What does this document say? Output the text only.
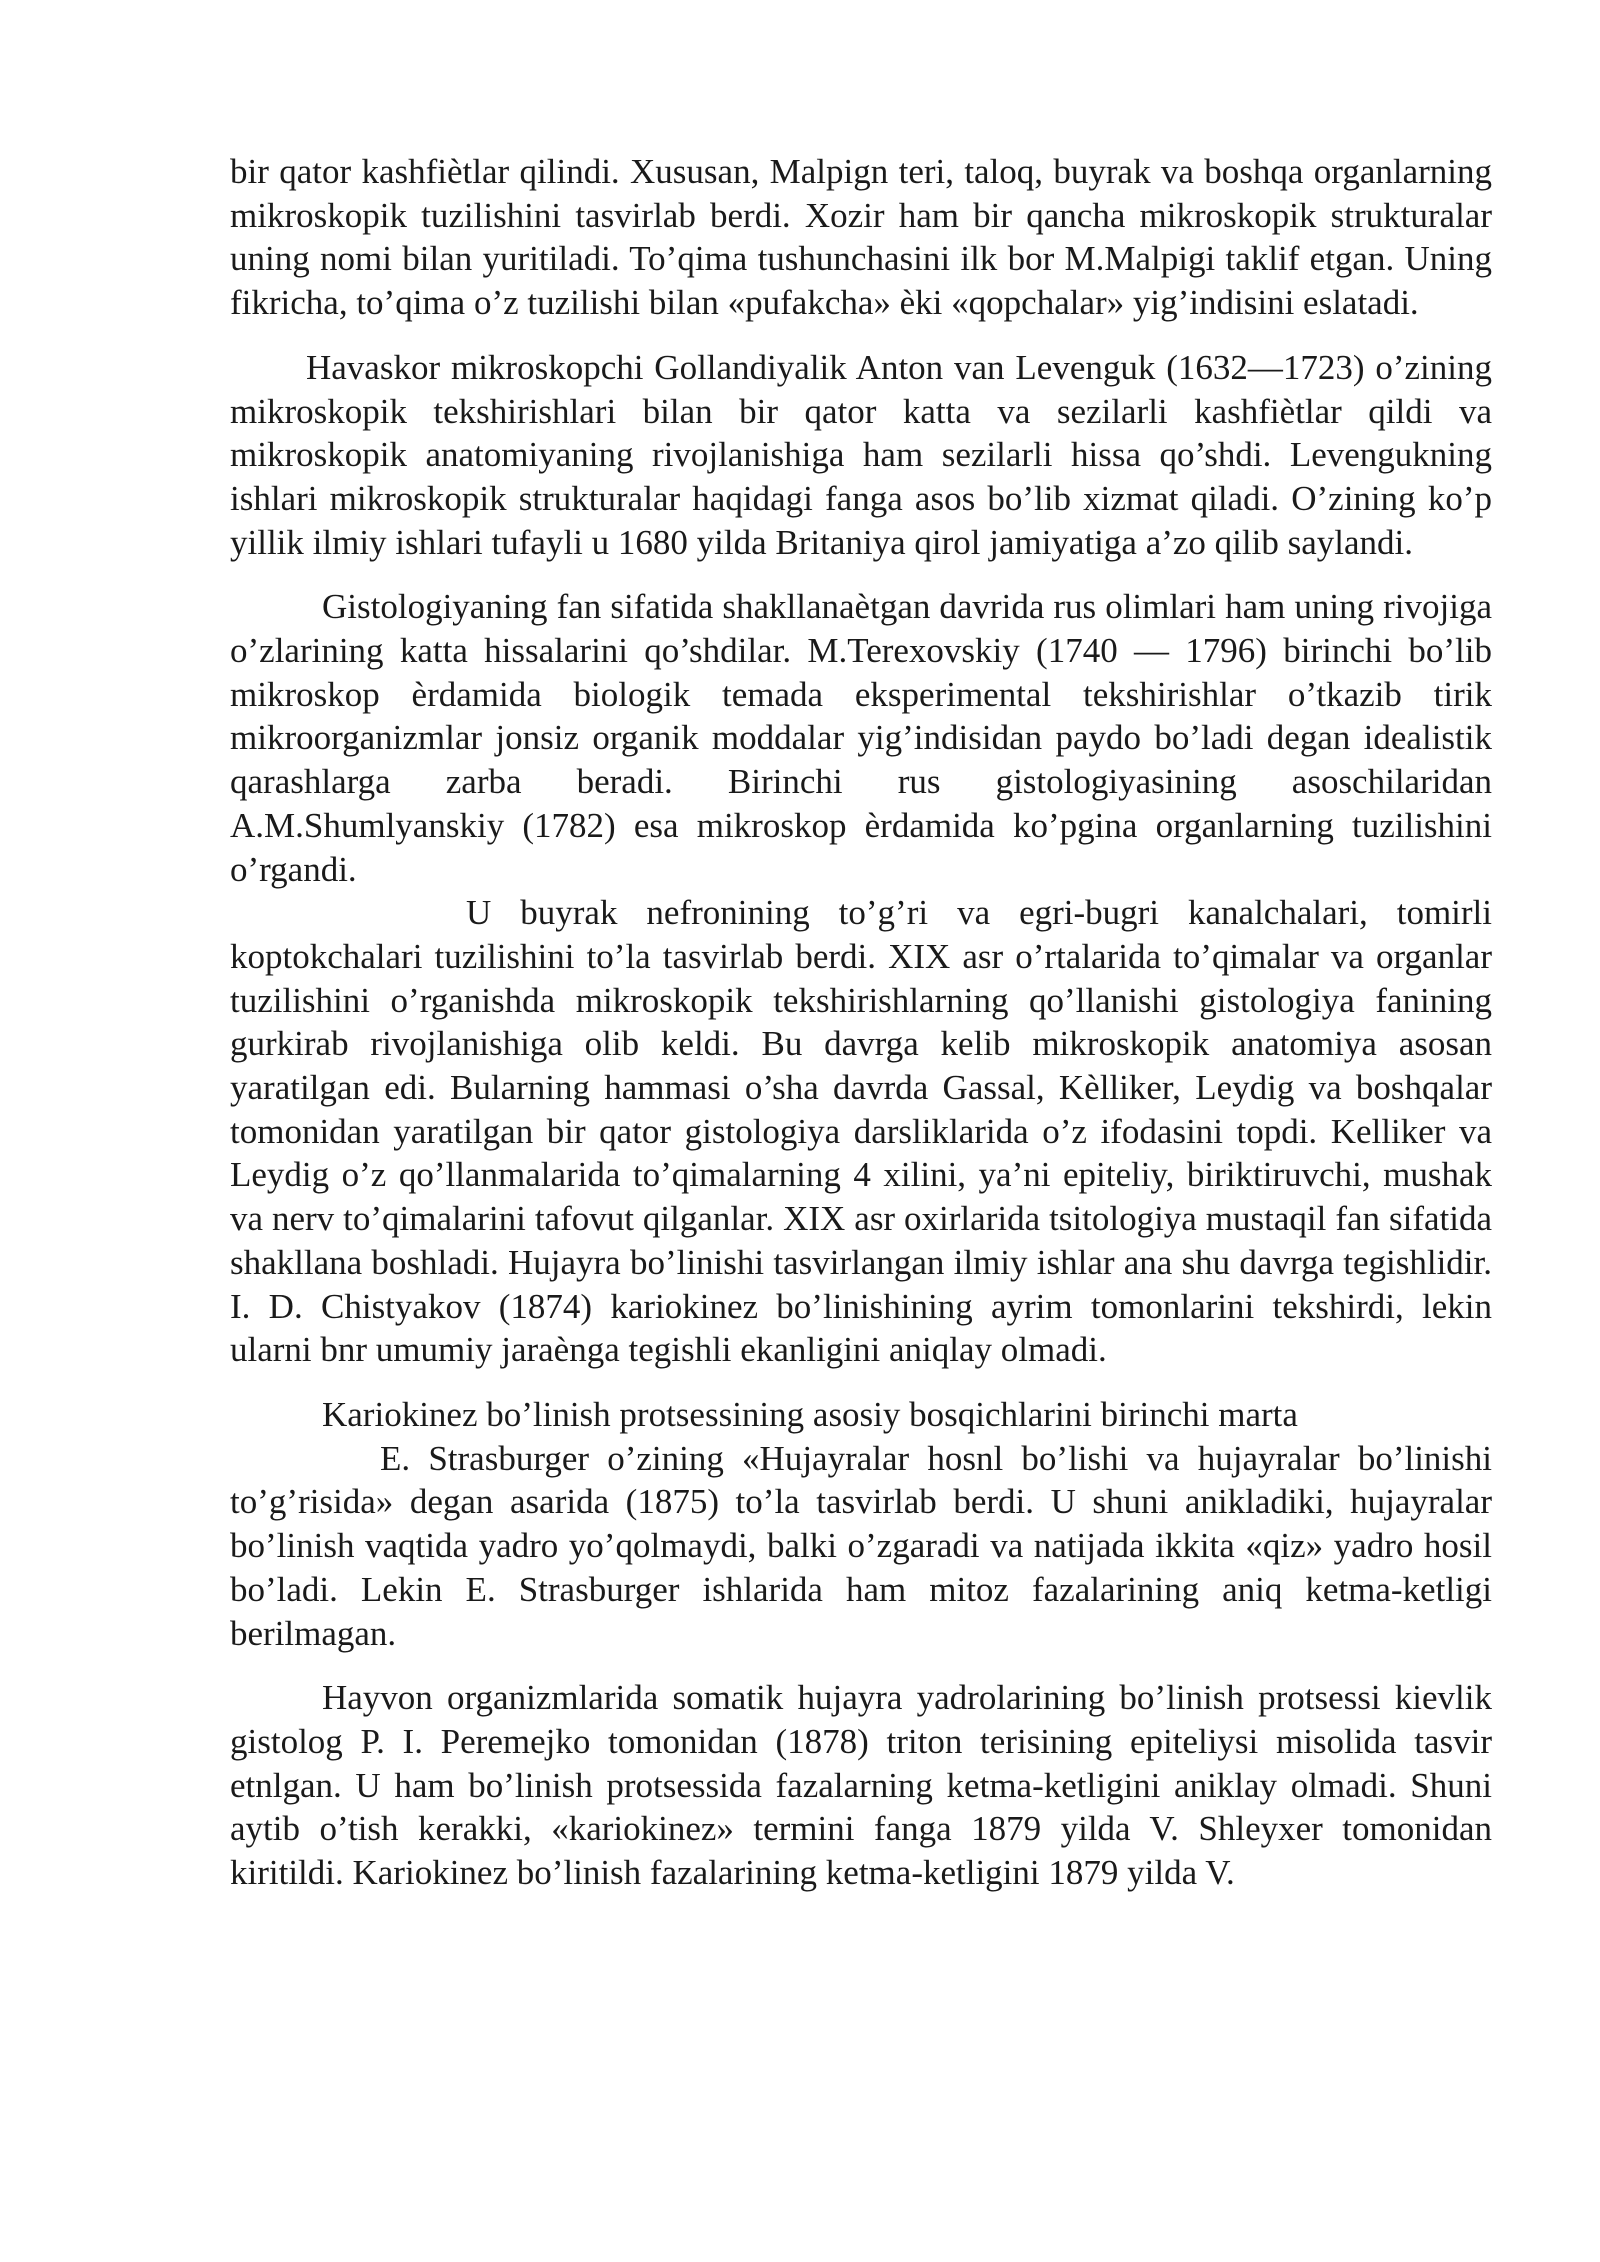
bir qator kashfiètlar qilindi. Xususan, Malpign teri, taloq, buyrak va boshqa organlarning mikroskopik tuzilishini tasvirlab berdi. Xozir ham bir qancha mikroskopik strukturalar uning nomi bilan yuritiladi. To’qima tushunchasini ilk bor M.Malpigi taklif etgan. Uning fikricha, to’qima o’z tuzilishi bilan «pufakcha» èki «qopchalar» yig’indisini eslatadi.

Havaskor mikroskopchi Gollandiyalik Anton van Levenguk (1632—1723) o’zining mikroskopik tekshirishlari bilan bir qator katta va sezilarli kashfiètlar qildi va mikroskopik anatomiyaning rivojlanishiga ham sezilarli hissa qo’shdi. Levengukning ishlari mikroskopik strukturalar haqidagi fanga asos bo’lib xizmat qiladi. O’zining ko’p yillik ilmiy ishlari tufayli u 1680 yilda Britaniya qirol jamiyatiga a’zo qilib saylandi.

Gistologiyaning fan sifatida shakllanaètgan davrida rus olimlari ham uning rivojiga o’zlarining katta hissalarini qo’shdilar. M.Terexovskiy (1740 — 1796) birinchi bo’lib mikroskop èrdamida biologik temada eksperimental tekshirishlar o’tkazib tirik mikroorganizmlar jonsiz organik moddalar yig’indisidan paydo bo’ladi degan idealistik qarashlarga zarba beradi. Birinchi rus gistologiyasining asoschilaridan A.M.Shumlyanskiy (1782) esa mikroskop èrdamida ko’pgina organlarning tuzilishini o’rgandi.

U buyrak nefronining to’g’ri va egri-bugri kanalchalari, tomirli koptokchalari tuzilishini to’la tasvirlab berdi. XIX asr o’rtalarida to’qimalar va organlar tuzilishini o’rganishda mikroskopik tekshirishlarning qo’llanishi gistologiya fanining gurkirab rivojlanishiga olib keldi. Bu davrga kelib mikroskopik anatomiya asosan yaratilgan edi. Bularning hammasi o’sha davrda Gassal, Kèlliker, Leydig va boshqalar tomonidan yaratilgan bir qator gistologiya darsliklarida o’z ifodasini topdi. Kelliker va Leydig o’z qo’llanmalarida to’qimalarning 4 xilini, ya’ni epiteliy, biriktiruvchi, mushak va nerv to’qimalarini tafovut qilganlar. XIX asr oxirlarida tsitologiya mustaqil fan sifatida shakllana boshladi. Hujayra bo’linishi tasvirlangan ilmiy ishlar ana shu davrga tegishlidir. I. D. Chistyakov (1874) kariokinez bo’linishining ayrim tomonlarini tekshirdi, lekin ularni bnr umumiy jaraènga tegishli ekanligini aniqlay olmadi.

Kariokinez bo’linish protsessining asosiy bosqichlarini birinchi marta
E. Strasburger o’zining «Hujayralar hosnl bo’lishi va hujayralar bo’linishi to’g’risida» degan asarida (1875) to’la tasvirlab berdi. U shuni anikladiki, hujayralar bo’linish vaqtida yadro yo’qolmaydi, balki o’zgaradi va natijada ikkita «qiz» yadro hosil bo’ladi. Lekin E. Strasburger ishlarida ham mitoz fazalarining aniq ketma-ketligi berilmagan.

Hayvon organizmlarida somatik hujayra yadrolarining bo’linish protsessi kievlik gistolog P. I. Peremejko tomonidan (1878) triton terisining epiteliysi misolida tasvir etnlgan. U ham bo’linish protsessida fazalarning ketma-ketligini aniklay olmadi. Shuni aytib o’tish kerakki, «kariokinez» termini fanga 1879 yilda V. Shleyxer tomonidan kiritildi. Kariokinez bo’linish fazalarining ketma-ketligini 1879 yilda V.
